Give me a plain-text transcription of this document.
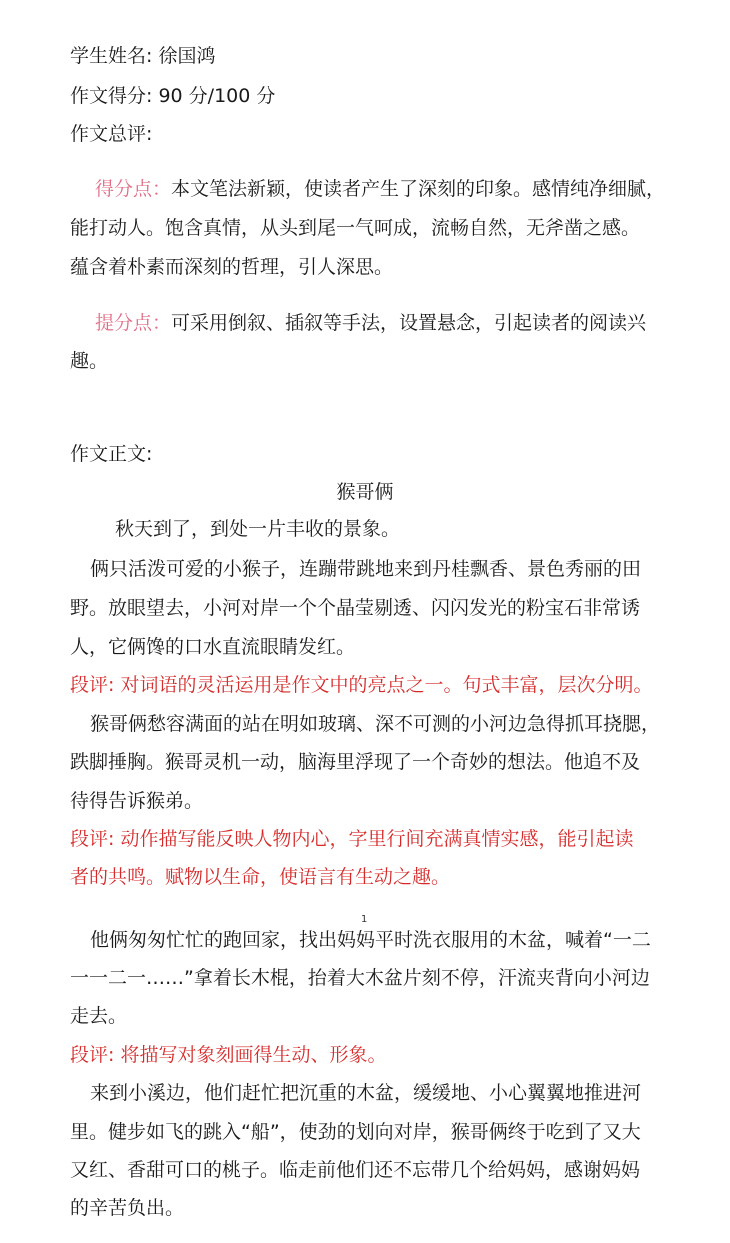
学生姓名: 徐国鸿
作文得分: 90 分/100 分
作文总评:
得分点：本文笔法新颖，使读者产生了深刻的印象。感情纯净细腻，
能打动人。饱含真情，从头到尾一气呵成，流畅自然，无斧凿之感。
蕴含着朴素而深刻的哲理，引人深思。
提分点：可采用倒叙、插叙等手法，设置悬念，引起读者的阅读兴
趣。
作文正文:
猴哥俩
秋天到了，到处一片丰收的景象。
俩只活泼可爱的小猴子，连蹦带跳地来到丹桂飘香、景色秀丽的田
野。放眼望去，小河对岸一个个晶莹剔透、闪闪发光的粉宝石非常诱
人，它俩馋的口水直流眼睛发红。
段评: 对词语的灵活运用是作文中的亮点之一。句式丰富，层次分明。
猴哥俩愁容满面的站在明如玻璃、深不可测的小河边急得抓耳挠腮，
跌脚捶胸。猴哥灵机一动，脑海里浮现了一个奇妙的想法。他追不及
待得告诉猴弟。
段评: 动作描写能反映人物内心，字里行间充满真情实感，能引起读
者的共鸣。赋物以生命，使语言有生动之趣。
1
他俩匆匆忙忙的跑回家，找出妈妈平时洗衣服用的木盆，喊着“一二
一一二一……”拿着长木棍，抬着大木盆片刻不停，汗流夹背向小河边
走去。
段评: 将描写对象刻画得生动、形象。
来到小溪边，他们赶忙把沉重的木盆，缓缓地、小心翼翼地推进河
里。健步如飞的跳入“船”，使劲的划向对岸，猴哥俩终于吃到了又大
又红、香甜可口的桃子。临走前他们还不忘带几个给妈妈，感谢妈妈
的辛苦负出。
